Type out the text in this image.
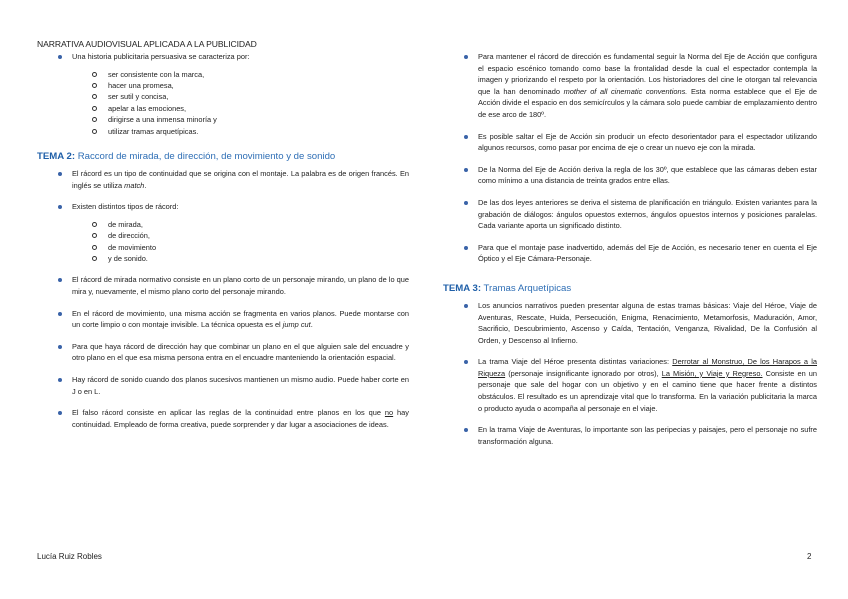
NARRATIVA AUDIOVISUAL APLICADA A LA PUBLICIDAD
Una historia publicitaria persuasiva se caracteriza por:
ser consistente con la marca,
hacer una promesa,
ser sutil y concisa,
apelar a las emociones,
dirigirse a una inmensa minoría y
utilizar tramas arquetípicas.
TEMA 2: Raccord de mirada, de dirección, de movimiento y de sonido
El rácord es un tipo de continuidad que se origina con el montaje. La palabra es de origen francés. En inglés se utiliza match.
Existen distintos tipos de rácord:
de mirada,
de dirección,
de movimiento
y de sonido.
El rácord de mirada normativo consiste en un plano corto de un personaje mirando, un plano de lo que mira y, nuevamente, el mismo plano corto del personaje mirando.
En el rácord de movimiento, una misma acción se fragmenta en varios planos. Puede montarse con un corte limpio o con montaje invisible. La técnica opuesta es el jump cut.
Para que haya rácord de dirección hay que combinar un plano en el que alguien sale del encuadre y otro plano en el que esa misma persona entra en el encuadre manteniendo la orientación espacial.
Hay rácord de sonido cuando dos planos sucesivos mantienen un mismo audio. Puede haber corte en J o en L.
El falso rácord consiste en aplicar las reglas de la continuidad entre planos en los que no hay continuidad. Empleado de forma creativa, puede sorprender y dar lugar a asociaciones de ideas.
Para mantener el rácord de dirección es fundamental seguir la Norma del Eje de Acción que configura el espacio escénico tomando como base la frontalidad desde la cual el espectador contempla la imagen y priorizando el respeto por la orientación. Los historiadores del cine le otorgan tal relevancia que la han denominado mother of all cinematic conventions. Esta norma establece que el Eje de Acción divide el espacio en dos semicírculos y la cámara solo puede cambiar de emplazamiento dentro de ese arco de 180º.
Es posible saltar el Eje de Acción sin producir un efecto desorientador para el espectador utilizando algunos recursos, como pasar por encima de eje o crear un nuevo eje con la mirada.
De la Norma del Eje de Acción deriva la regla de los 30º, que establece que las cámaras deben estar como mínimo a una distancia de treinta grados entre ellas.
De las dos leyes anteriores se deriva el sistema de planificación en triángulo. Existen variantes para la grabación de diálogos: ángulos opuestos externos, ángulos opuestos internos y posiciones paralelas. Cada variante aporta un significado distinto.
Para que el montaje pase inadvertido, además del Eje de Acción, es necesario tener en cuenta el Eje Óptico y el Eje Cámara-Personaje.
TEMA 3: Tramas Arquetípicas
Los anuncios narrativos pueden presentar alguna de estas tramas básicas: Viaje del Héroe, Viaje de Aventuras, Rescate, Huida, Persecución, Enigma, Renacimiento, Metamorfosis, Maduración, Amor, Sacrificio, Descubrimiento, Ascenso y Caída, Tentación, Venganza, Rivalidad, De la Confusión al Orden, y Descenso al Infierno.
La trama Viaje del Héroe presenta distintas variaciones: Derrotar al Monstruo, De los Harapos a la Riqueza (personaje insignificante ignorado por otros), La Misión, y Viaje y Regreso. Consiste en un personaje que sale del hogar con un objetivo y en el camino tiene que hacer frente a distintos obstáculos. El resultado es un aprendizaje vital que lo transforma. En la variación publicitaria la marca o producto ayuda o acompaña al personaje en el viaje.
En la trama Viaje de Aventuras, lo importante son las peripecias y paisajes, pero el personaje no sufre transformación alguna.
Lucía Ruiz Robles	2
